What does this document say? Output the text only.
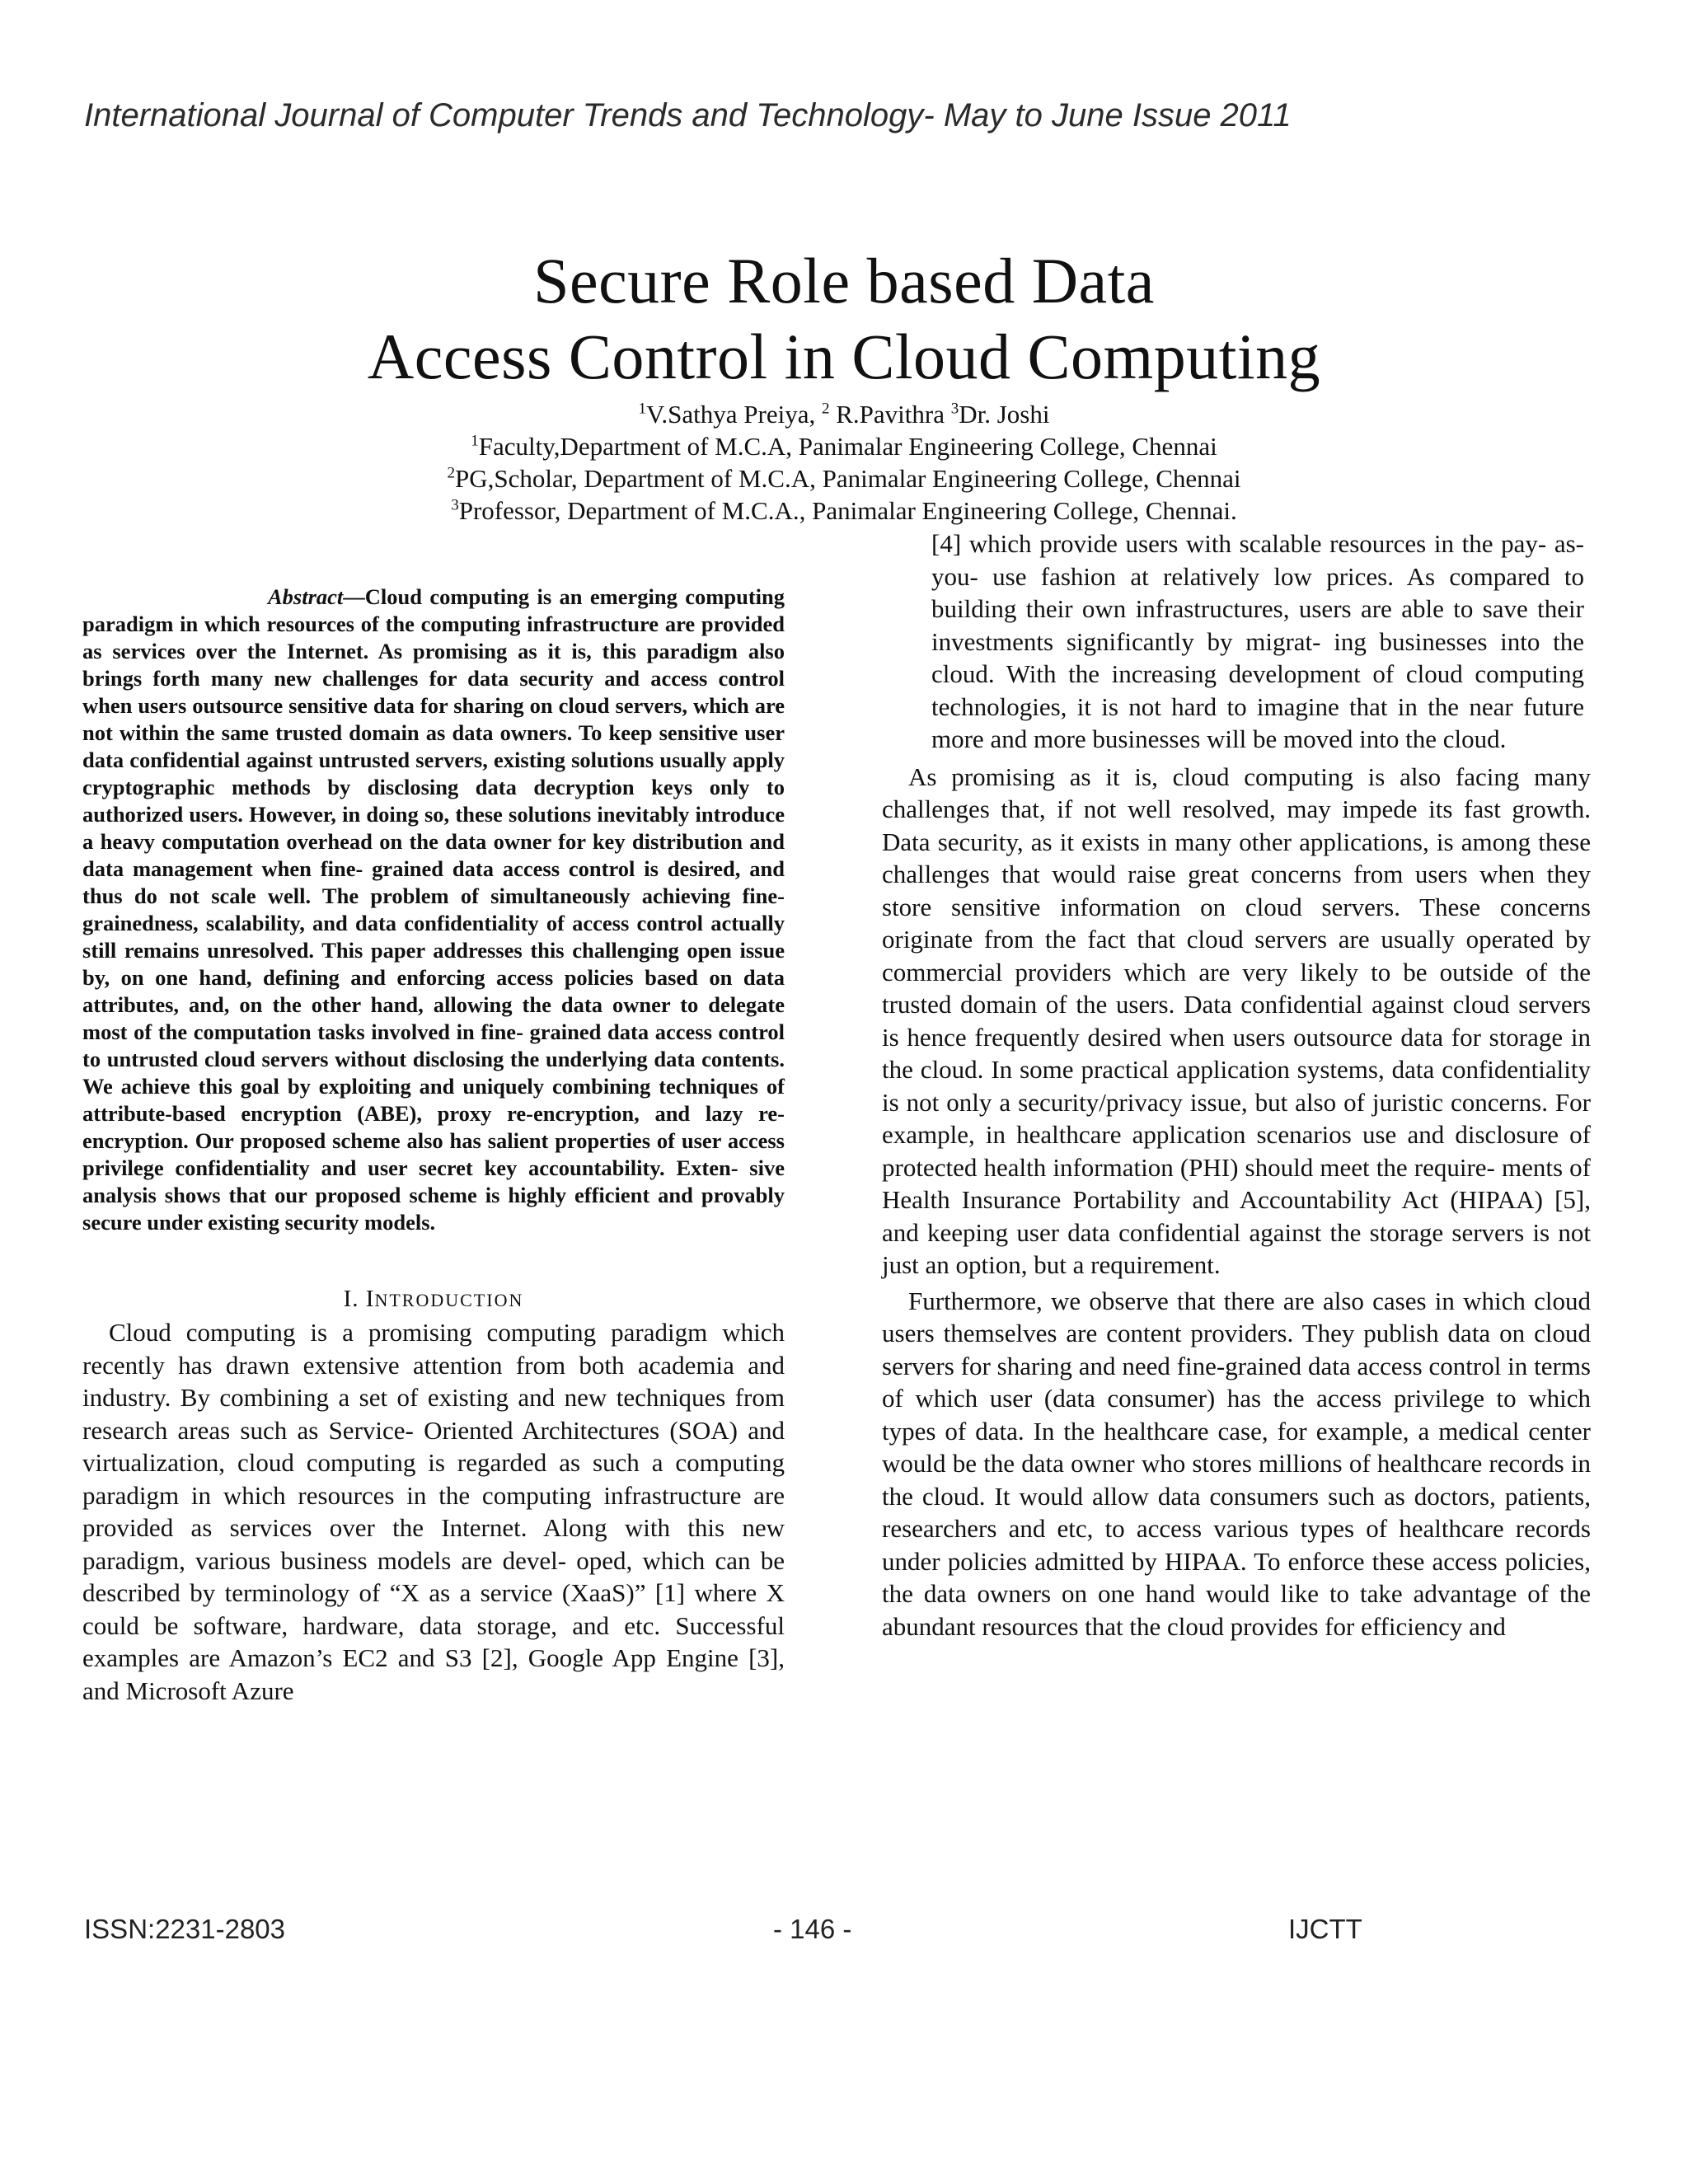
International Journal of Computer Trends and Technology- May to June Issue 2011
Secure Role based Data
Access Control in Cloud Computing
$^1$V.Sathya Preiya, $^2$ R.Pavithra $^3$Dr. Joshi
$^1$Faculty,Department of M.C.A, Panimalar Engineering College, Chennai
$^2$PG,Scholar, Department of M.C.A, Panimalar Engineering College, Chennai
$^3$Professor, Department of M.C.A., Panimalar Engineering College, Chennai.

Abstract—Cloud computing is an emerging computing paradigm in which resources of the computing infrastructure are provided as services over the Internet. As promising as it is, this paradigm also brings forth many new challenges for data security and access control when users outsource sensitive data for sharing on cloud servers, which are not within the same trusted domain as data owners. To keep sensitive user data confidential against untrusted servers, existing solutions usually apply cryptographic methods by disclosing data decryption keys only to authorized users. However, in doing so, these solutions inevitably introduce a heavy computation overhead on the data owner for key distribution and data management when fine- grained data access control is desired, and thus do not scale well. The problem of simultaneously achieving fine-grainedness, scalability, and data confidentiality of access control actually still remains unresolved. This paper addresses this challenging open issue by, on one hand, defining and enforcing access policies based on data attributes, and, on the other hand, allowing the data owner to delegate most of the computation tasks involved in fine- grained data access control to untrusted cloud servers without disclosing the underlying data contents. We achieve this goal by exploiting and uniquely combining techniques of attribute-based encryption (ABE), proxy re-encryption, and lazy re-encryption. Our proposed scheme also has salient properties of user access privilege confidentiality and user secret key accountability. Exten- sive analysis shows that our proposed scheme is highly efficient and provably secure under existing security models.

I. INTRODUCTION

Cloud computing is a promising computing paradigm which recently has drawn extensive attention from both academia and industry. By combining a set of existing and new techniques from research areas such as Service- Oriented Architectures (SOA) and virtualization, cloud computing is regarded as such a computing paradigm in which resources in the computing infrastructure are provided as services over the Internet. Along with this new paradigm, various business models are devel- oped, which can be described by terminology of “X as a service (XaaS)” [1] where X could be software, hardware, data storage, and etc. Successful examples are Amazon’s EC2 and S3 [2], Google App Engine [3], and Microsoft Azure

[4] which provide users with scalable resources in the pay- as-you- use fashion at relatively low prices. As compared to building their own infrastructures, users are able to save their investments significantly by migrat- ing businesses into the cloud. With the increasing development of cloud computing technologies, it is not hard to imagine that in the near future more and more businesses will be moved into the cloud.

As promising as it is, cloud computing is also facing many challenges that, if not well resolved, may impede its fast growth. Data security, as it exists in many other applications, is among these challenges that would raise great concerns from users when they store sensitive information on cloud servers. These concerns originate from the fact that cloud servers are usually operated by commercial providers which are very likely to be outside of the trusted domain of the users. Data confidential against cloud servers is hence frequently desired when users outsource data for storage in the cloud. In some practical application systems, data confidentiality is not only a security/privacy issue, but also of juristic concerns. For example, in healthcare application scenarios use and disclosure of protected health information (PHI) should meet the require- ments of Health Insurance Portability and Accountability Act (HIPAA) [5], and keeping user data confidential against the storage servers is not just an option, but a requirement.

Furthermore, we observe that there are also cases in which cloud users themselves are content providers. They publish data on cloud servers for sharing and need fine-grained data access control in terms of which user (data consumer) has the access privilege to which types of data. In the healthcare case, for example, a medical center would be the data owner who stores millions of healthcare records in the cloud. It would allow data consumers such as doctors, patients, researchers and etc, to access various types of healthcare records under policies admitted by HIPAA. To enforce these access policies, the data owners on one hand would like to take advantage of the abundant resources that the cloud provides for efficiency and

ISSN:2231-2803	- 146 -	IJCTT
